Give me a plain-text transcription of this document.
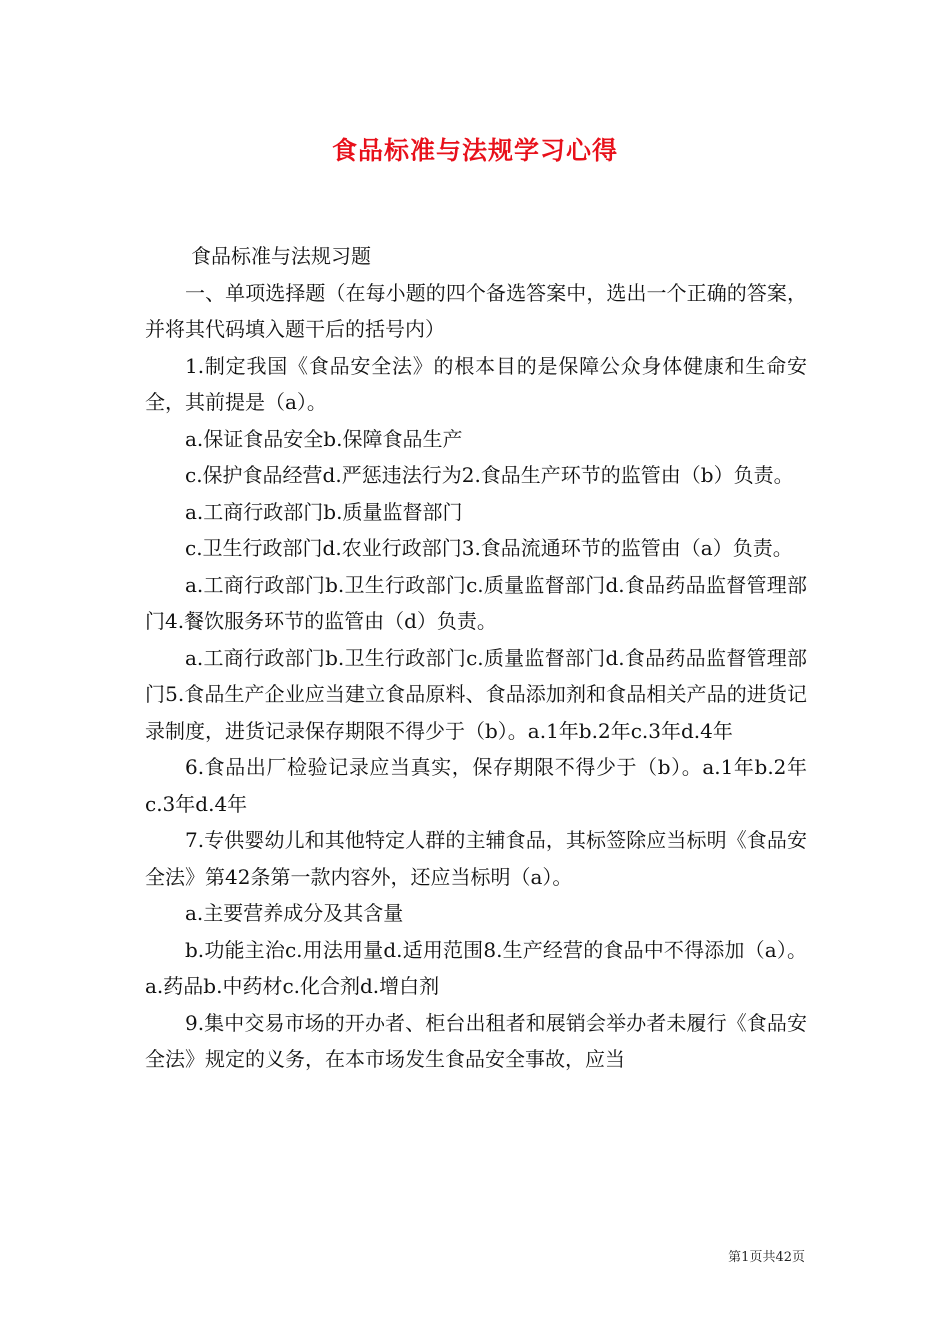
食品标准与法规学习心得

食品标准与法规习题

一、单项选择题（在每小题的四个备选答案中，选出一个正确的答案，并将其代码填入题干后的括号内）

1.制定我国《食品安全法》的根本目的是保障公众身体健康和生命安全，其前提是（a）。

a.保证食品安全b.保障食品生产

c.保护食品经营d.严惩违法行为2.食品生产环节的监管由（b）负责。

a.工商行政部门b.质量监督部门

c.卫生行政部门d.农业行政部门3.食品流通环节的监管由（a）负责。

a.工商行政部门b.卫生行政部门c.质量监督部门d.食品药品监督管理部门4.餐饮服务环节的监管由（d）负责。

a.工商行政部门b.卫生行政部门c.质量监督部门d.食品药品监督管理部门5.食品生产企业应当建立食品原料、食品添加剂和食品相关产品的进货记录制度，进货记录保存期限不得少于（b）。a.1年b.2年c.3年d.4年

6.食品出厂检验记录应当真实，保存期限不得少于（b）。a.1年b.2年c.3年d.4年

7.专供婴幼儿和其他特定人群的主辅食品，其标签除应当标明《食品安全法》第42条第一款内容外，还应当标明（a）。

a.主要营养成分及其含量

b.功能主治c.用法用量d.适用范围8.生产经营的食品中不得添加（a）。a.药品b.中药材c.化合剂d.增白剂

9.集中交易市场的开办者、柜台出租者和展销会举办者未履行《食品安全法》规定的义务，在本市场发生食品安全事故，应当

第1页共42页
